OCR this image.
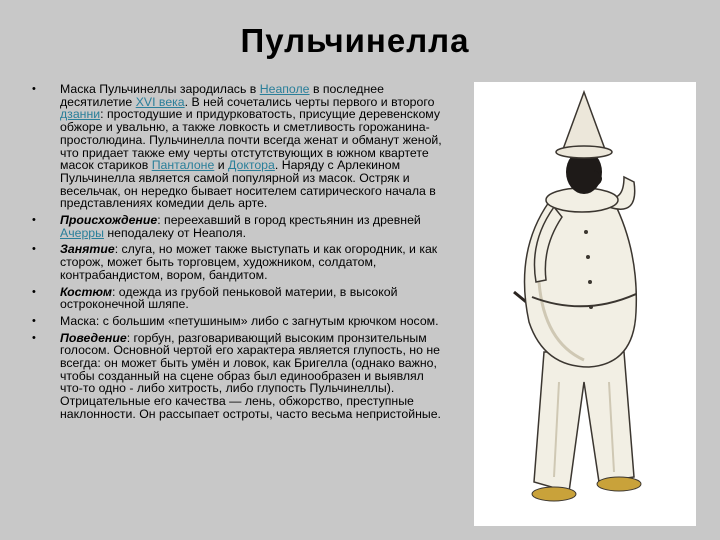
Пульчинелла
• Маска Пульчинеллы зародилась в Неаполе в последнее десятилетие XVI века. В ней сочетались черты первого и второго дзанни: простодушие и придурковатость, присущие деревенскому обжоре и увальню, а также ловкость и сметливость горожанина-простолюдина. Пульчинелла почти всегда женат и обманут женой, что придает также ему черты отстутствующих в южном квартете масок стариков Панталоне и Доктора. Наряду с Арлекином Пульчинелла является самой популярной из масок. Остряк и весельчак, он нередко бывает носителем сатирического начала в представлениях комедии дель арте.
• Происхождение: переехавший в город крестьянин из древней Ачерры неподалеку от Неаполя.
• Занятие: слуга, но может также выступать и как огородник, и как сторож, может быть торговцем, художником, солдатом, контрабандистом, вором, бандитом.
• Костюм: одежда из грубой пеньковой материи, в высокой остроконечной шляпе.
• Маска: с большим «петушиным» либо с загнутым крючком носом.
• Поведение: горбун, разговаривающий высоким пронзительным голосом. Основной чертой его характера является глупость, но не всегда: он может быть умён и ловок, как Бригелла (однако важно, чтобы созданный на сцене образ был единообразен и выявлял что-то одно - либо хитрость, либо глупость Пульчинеллы). Отрицательные его качества — лень, обжорство, преступные наклонности. Он рассыпает остроты, часто весьма непристойные.
